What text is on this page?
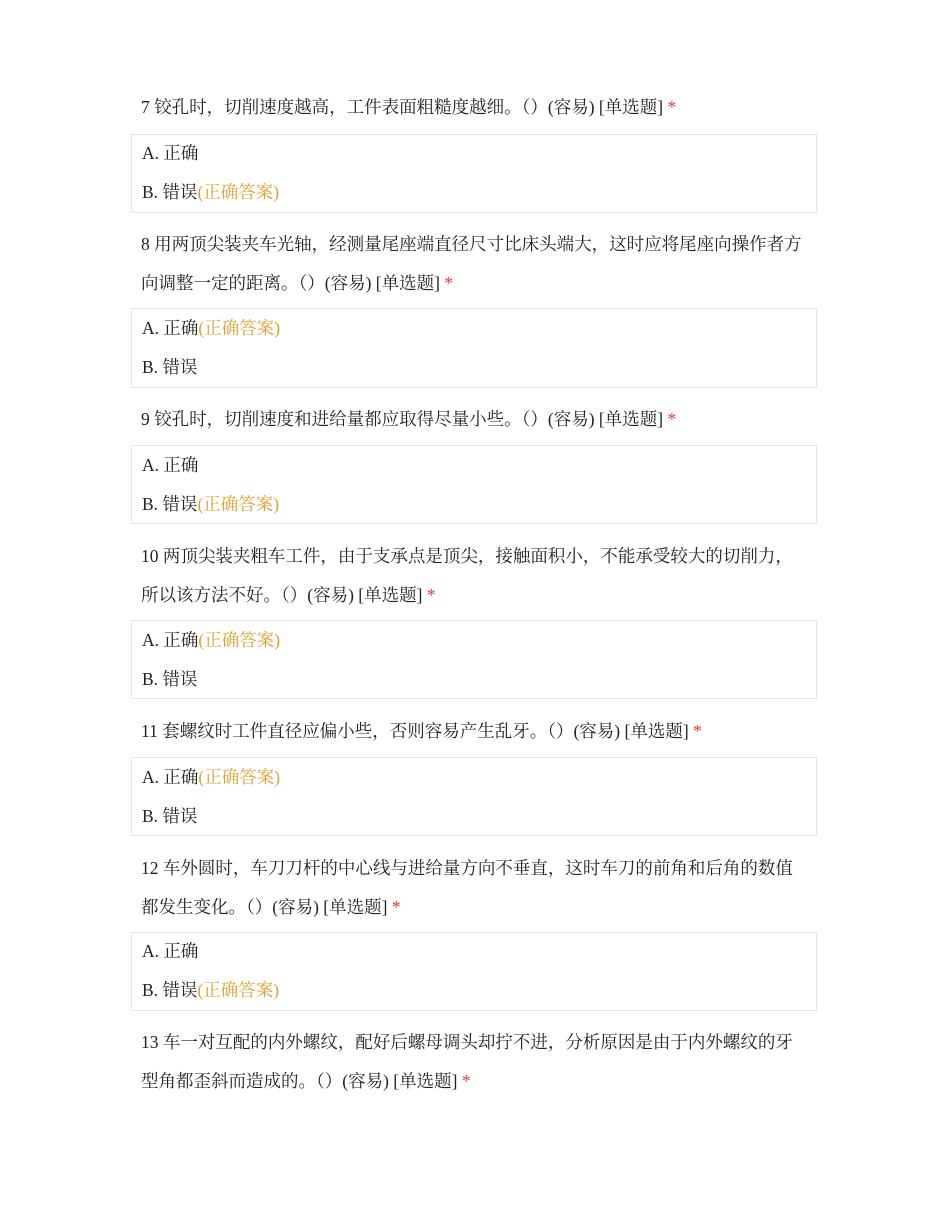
7 铰孔时，切削速度越高，工件表面粗糙度越细。（）(容易) [单选题] *
A. 正确
B. 错误(正确答案)
8 用两顶尖装夹车光轴，经测量尾座端直径尺寸比床头端大，这时应将尾座向操作者方向调整一定的距离。（）(容易) [单选题] *
A. 正确(正确答案)
B. 错误
9 铰孔时，切削速度和进给量都应取得尽量小些。（）(容易) [单选题] *
A. 正确
B. 错误(正确答案)
10 两顶尖装夹粗车工件，由于支承点是顶尖，接触面积小，不能承受较大的切削力，所以该方法不好。（）(容易) [单选题] *
A. 正确(正确答案)
B. 错误
11 套螺纹时工件直径应偏小些，否则容易产生乱牙。（）(容易) [单选题] *
A. 正确(正确答案)
B. 错误
12 车外圆时，车刀刀杆的中心线与进给量方向不垂直，这时车刀的前角和后角的数值都发生变化。（）(容易) [单选题] *
A. 正确
B. 错误(正确答案)
13 车一对互配的内外螺纹，配好后螺母调头却拧不进，分析原因是由于内外螺纹的牙型角都歪斜而造成的。（）(容易) [单选题] *
